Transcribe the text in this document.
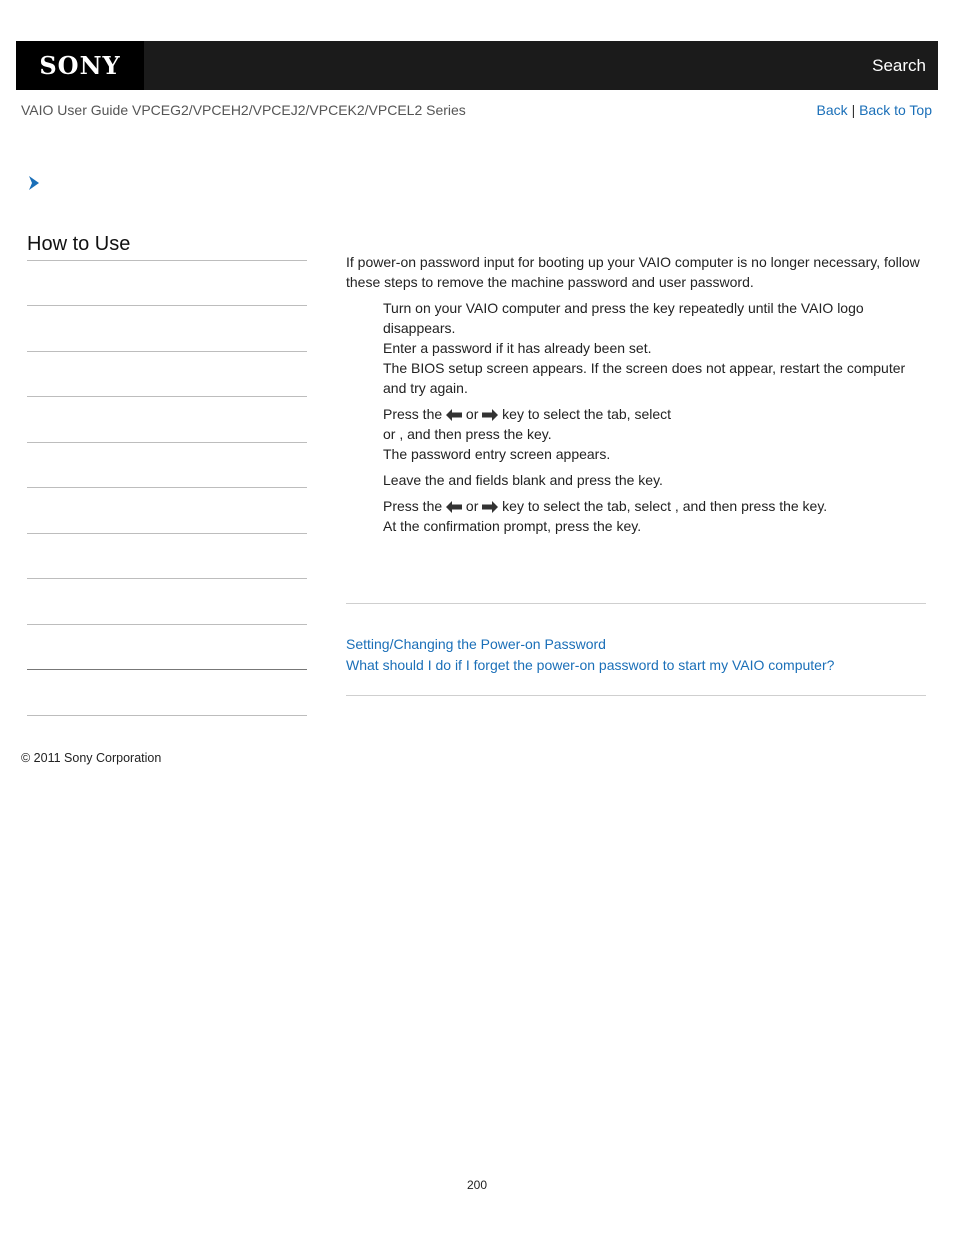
SONY	Search
VAIO User Guide VPCEG2/VPCEH2/VPCEJ2/VPCEK2/VPCEL2 Series	Back | Back to Top
How to Use

If power-on password input for booting up your VAIO computer is no longer necessary, follow these steps to remove the machine password and user password.

Turn on your VAIO computer and press the key repeatedly until the VAIO logo disappears.
Enter a password if it has already been set.
The BIOS setup screen appears. If the screen does not appear, restart the computer and try again.
Press the  or  key to select the tab, select
or , and then press the key.
The password entry screen appears.
Leave the and fields blank and press the key.
Press the  or  key to select the tab, select , and then press the key.
At the confirmation prompt, press the key.
Setting/Changing the Power-on Password
What should I do if I forget the power-on password to start my VAIO computer?
© 2011 Sony Corporation
200
